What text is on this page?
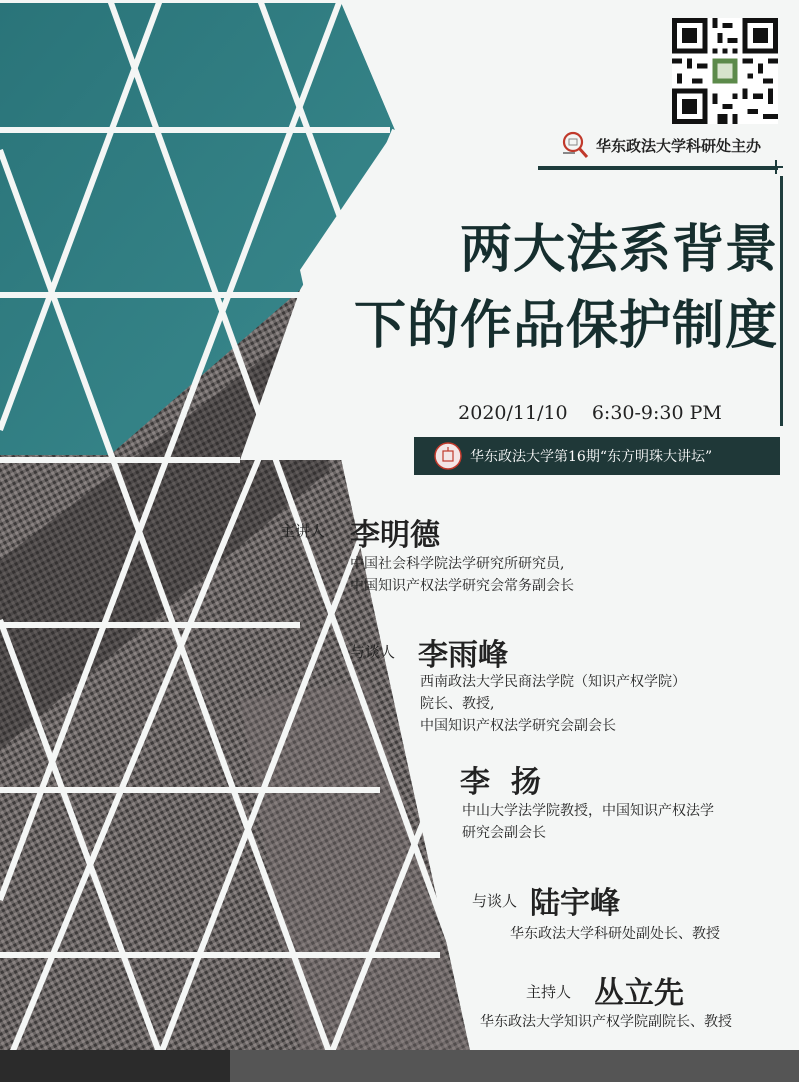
华东政法大学科研处主办
两大法系背景
下的作品保护制度
2020/11/10 6:30-9:30 PM
华东政法大学第16期“东方明珠大讲坛”
主讲人 李明德
中国社会科学院法学研究所研究员,
中国知识产权法学研究会常务副会长
与谈人 李雨峰
西南政法大学民商法学院（知识产权学院）
院长、教授,
中国知识产权法学研究会副会长
李  扬
中山大学法学院教授，中国知识产权法学
研究会副会长
与谈人 陆宇峰
华东政法大学科研处副处长、教授
主持人 丛立先
华东政法大学知识产权学院副院长、教授
